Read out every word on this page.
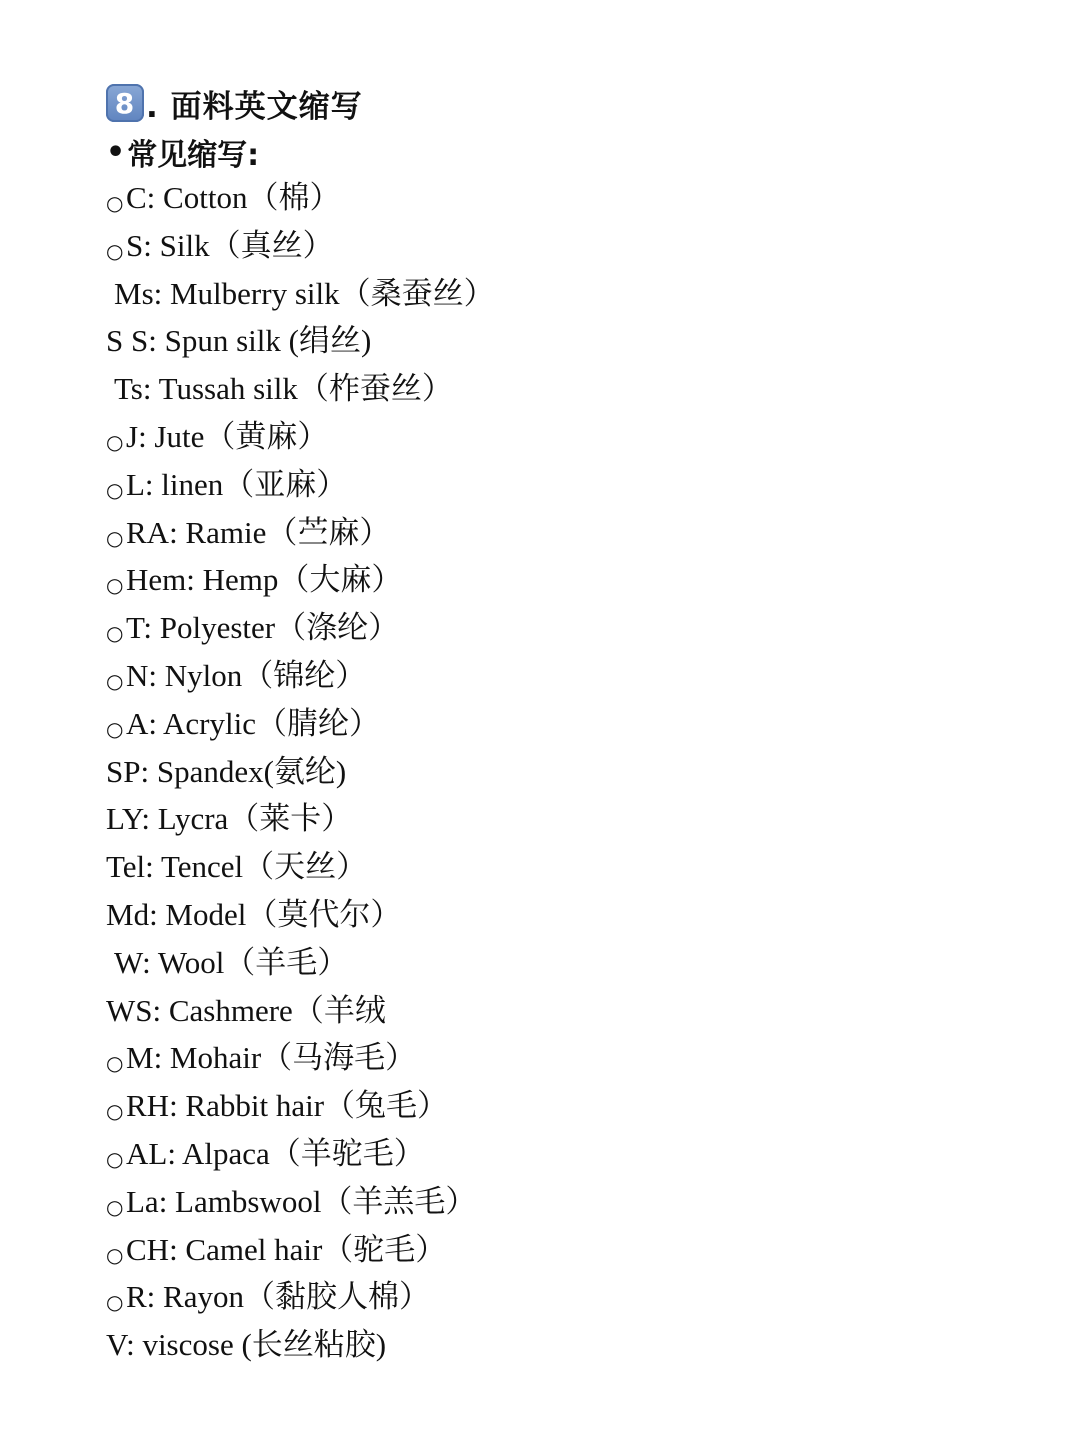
8 . 面料英文缩写
• 常见缩写:
○C: Cotton（棉）
○S: Silk（真丝）
Ms: Mulberry silk（桑蚕丝）
S S: Spun silk (绢丝)
Ts: Tussah silk（柞蚕丝）
○J: Jute（黄麻）
○L: linen（亚麻）
○RA: Ramie（苎麻）
○Hem: Hemp（大麻）
○T: Polyester（涤纶）
○N: Nylon（锦纶）
○A: Acrylic（腈纶）
SP: Spandex(氨纶)
LY: Lycra（莱卡）
Tel: Tencel（天丝）
Md: Model（莫代尔）
W: Wool（羊毛）
WS: Cashmere（羊绒
○M: Mohair（马海毛）
○RH: Rabbit hair（兔毛）
○AL: Alpaca（羊驼毛）
○La: Lambswool（羊羔毛）
○CH: Camel hair（驼毛）
○R: Rayon（黏胶人棉）
V: viscose (长丝粘胶)
